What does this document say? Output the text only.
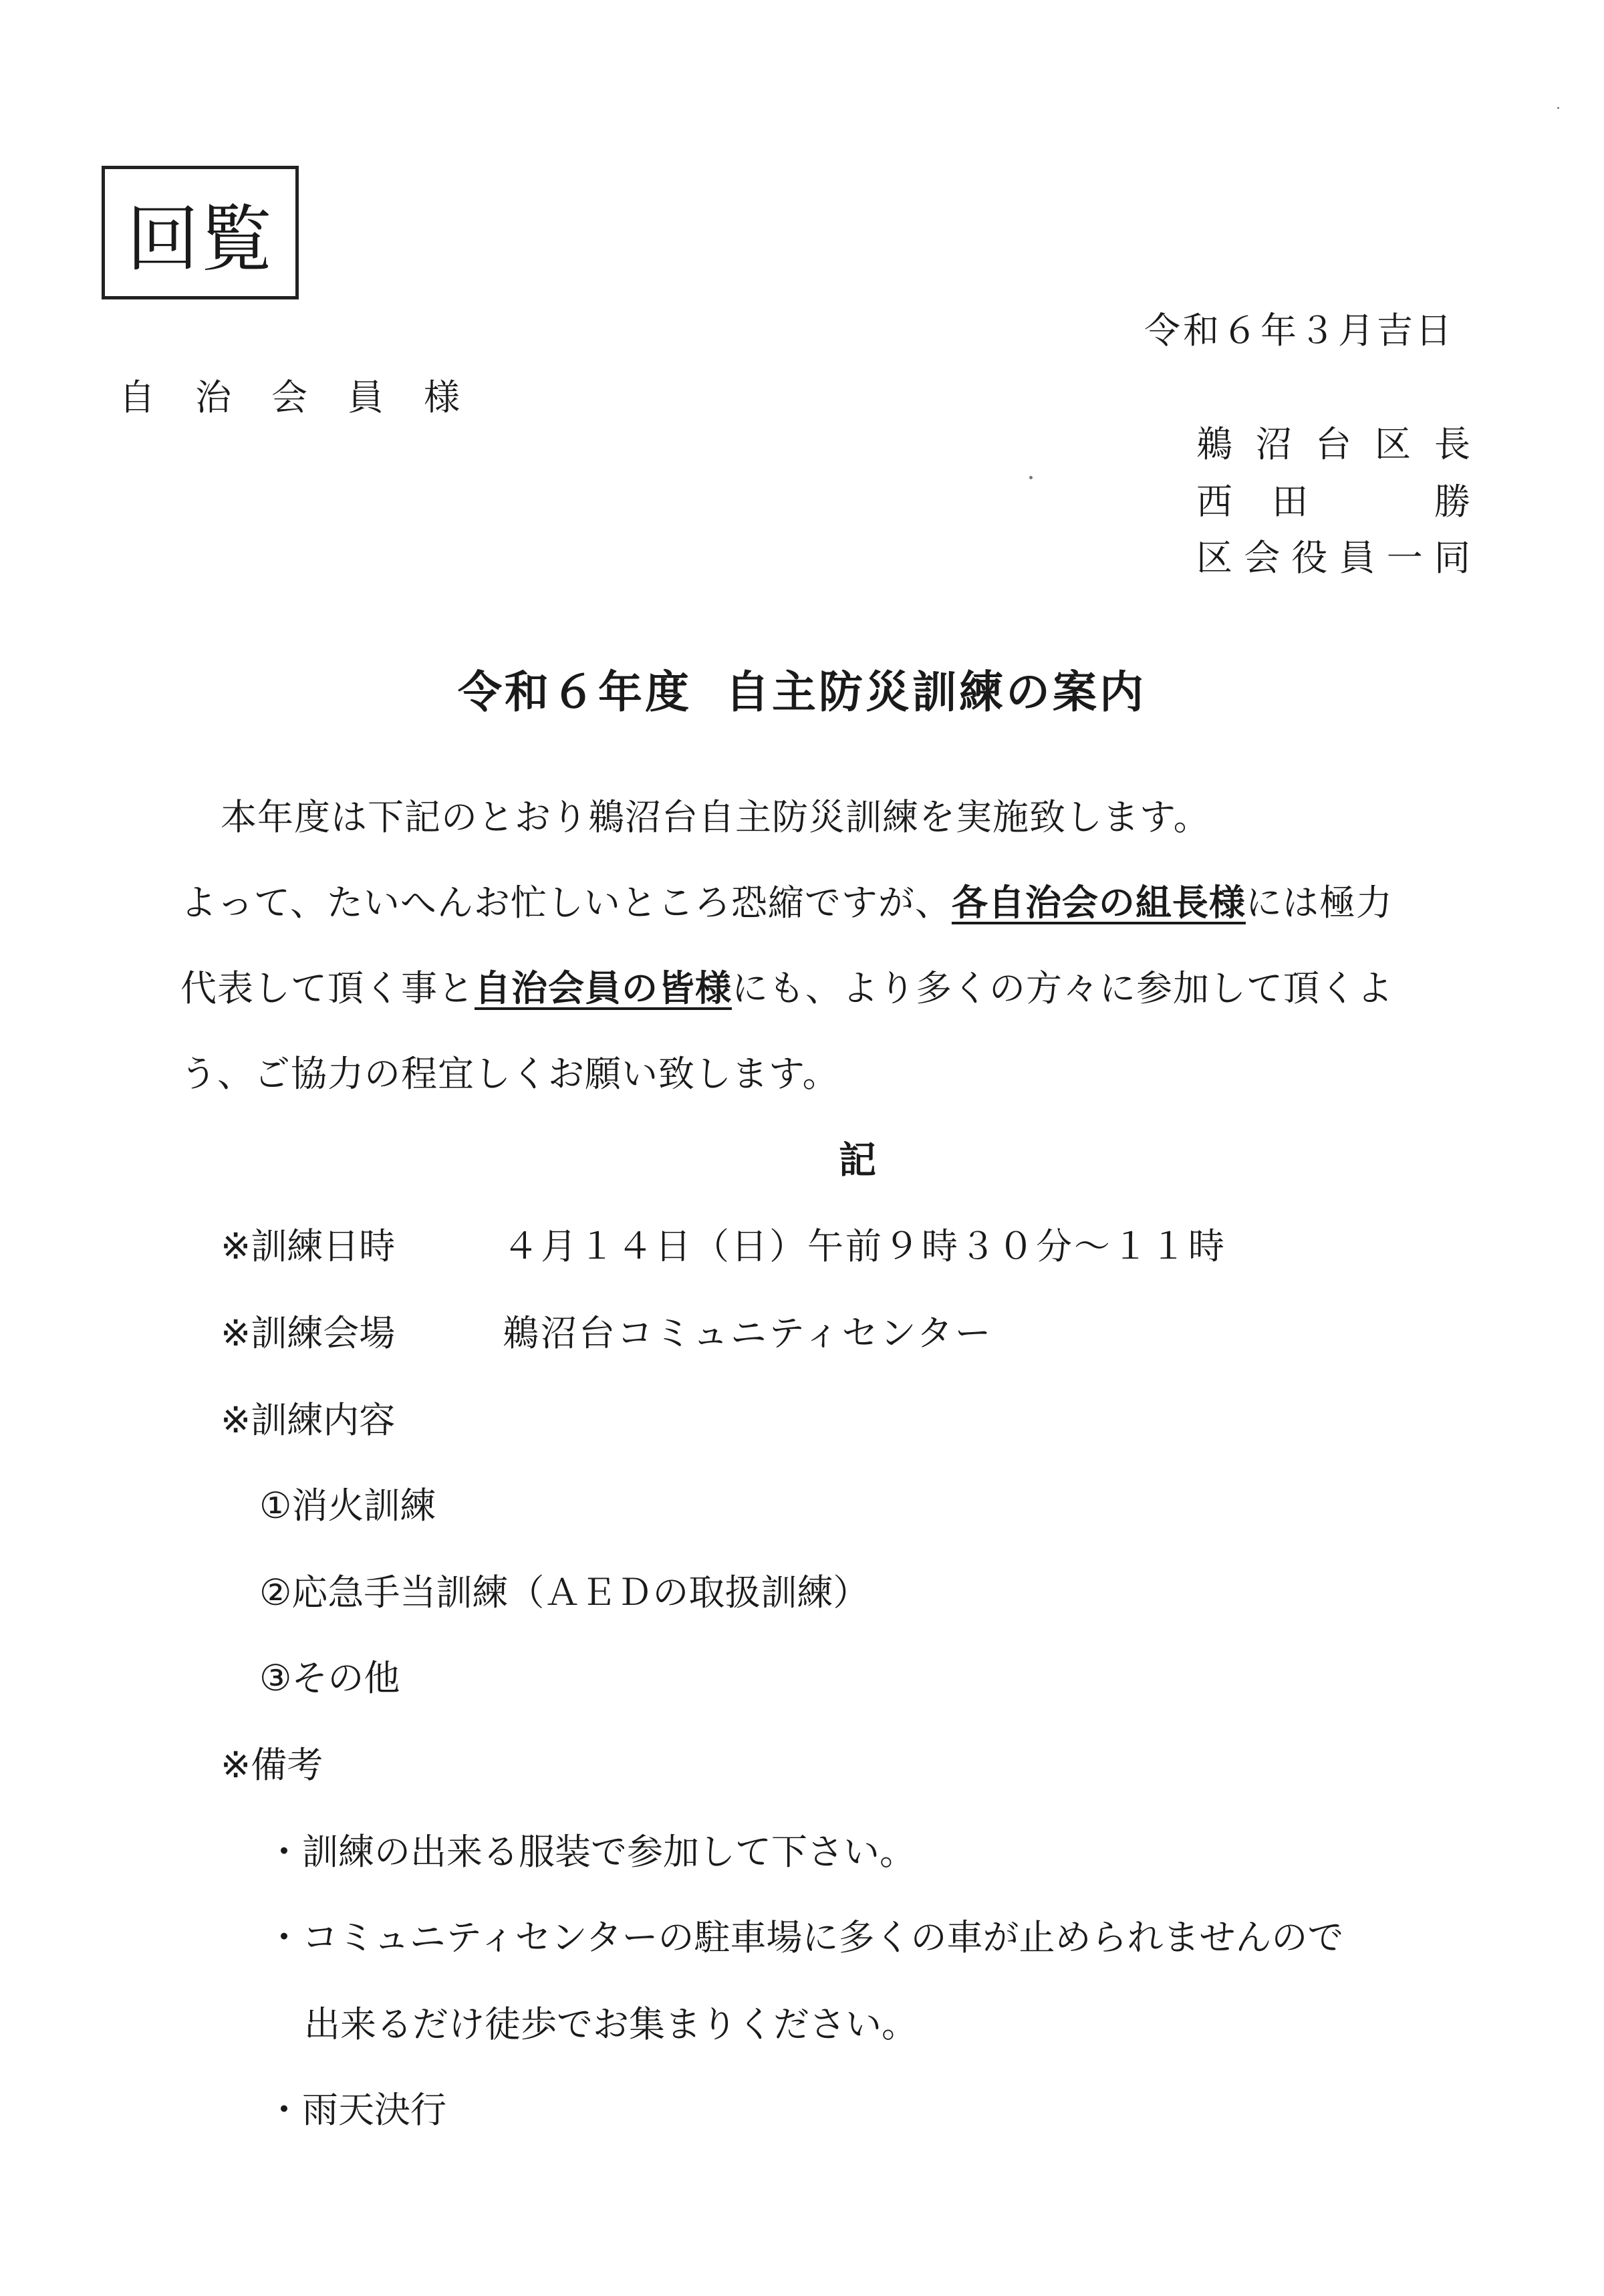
回覧
令和６年３月吉日
自治会員様
鵜 沼 台 区 長
西 田	勝
区 会 役 員 一 同
令和６年度 自主防災訓練の案内
本年度は下記のとおり鵜沼台自主防災訓練を実施致します。
よって、たいへんお忙しいところ恐縮ですが、各自治会の組長様には極力
代表して頂く事と自治会員の皆様にも、より多くの方々に参加して頂くよ
う、ご協力の程宜しくお願い致します。
記
※訓練日時	４月１４日（日）午前９時３０分～１１時
※訓練会場	鵜沼台コミュニティセンター
※訓練内容
①消火訓練
②応急手当訓練（ＡＥＤの取扱訓練）
③その他
※備考
・訓練の出来る服装で参加して下さい。
・コミュニティセンターの駐車場に多くの車が止められませんので
出来るだけ徒歩でお集まりください。
・雨天決行
